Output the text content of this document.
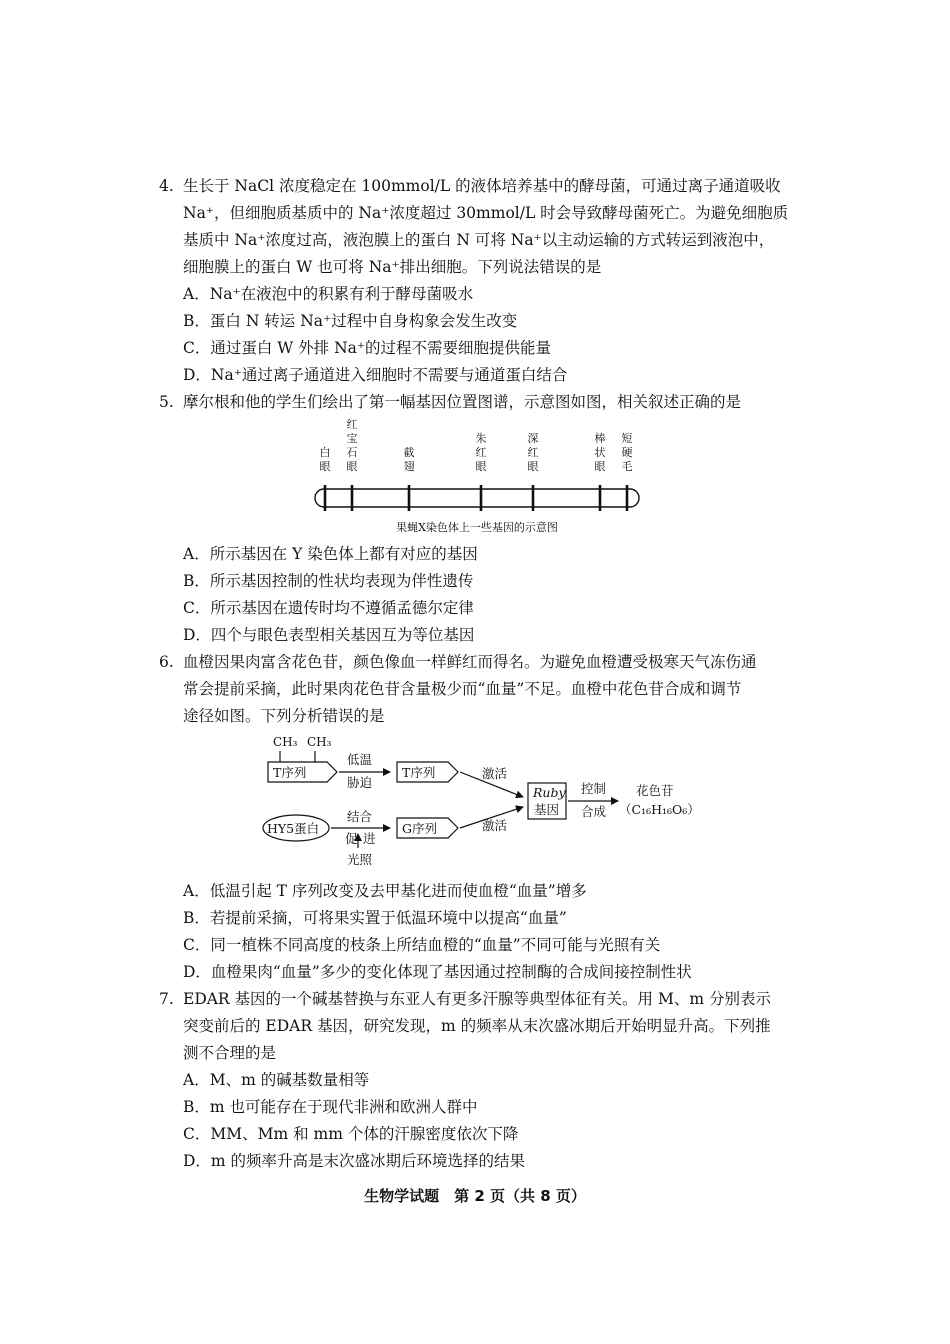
4. 生长于 NaCl 浓度稳定在 100mmol/L 的液体培养基中的酵母菌，可通过离子通道吸收
Na⁺，但细胞质基质中的 Na⁺浓度超过 30mmol/L 时会导致酵母菌死亡。为避免细胞质
基质中 Na⁺浓度过高，液泡膜上的蛋白 N 可将 Na⁺以主动运输的方式转运到液泡中，
细胞膜上的蛋白 W 也可将 Na⁺排出细胞。下列说法错误的是
A．Na⁺在液泡中的积累有利于酵母菌吸水
B．蛋白 N 转运 Na⁺过程中自身构象会发生改变
C．通过蛋白 W 外排 Na⁺的过程不需要细胞提供能量
D．Na⁺通过离子通道进入细胞时不需要与通道蛋白结合
5. 摩尔根和他的学生们绘出了第一幅基因位置图谱，示意图如图，相关叙述正确的是
白
眼
红
宝
石
眼
截
翅
朱
红
眼
深
红
眼
棒
状
眼
短
硬
毛
果蝇X染色体上一些基因的示意图
A．所示基因在 Y 染色体上都有对应的基因
B．所示基因控制的性状均表现为伴性遗传
C．所示基因在遗传时均不遵循孟德尔定律
D．四个与眼色表型相关基因互为等位基因
6. 血橙因果肉富含花色苷，颜色像血一样鲜红而得名。为避免血橙遭受极寒天气冻伤通
常会提前采摘，此时果肉花色苷含量极少而“血量”不足。血橙中花色苷合成和调节
途径如图。下列分析错误的是
CH₃ CH₃
T序列
低温
胁迫
T序列	激活
HY5蛋白
结合
促 进
光照
G序列	激活
Ruby
基因
控制
合成
花色苷
（C₁₆H₁₆O₆）
A．低温引起 T 序列改变及去甲基化进而使血橙“血量”增多
B．若提前采摘，可将果实置于低温环境中以提高“血量”
C．同一植株不同高度的枝条上所结血橙的“血量”不同可能与光照有关
D．血橙果肉“血量”多少的变化体现了基因通过控制酶的合成间接控制性状
7. EDAR 基因的一个碱基替换与东亚人有更多汗腺等典型体征有关。用 M、m 分别表示
突变前后的 EDAR 基因，研究发现，m 的频率从末次盛冰期后开始明显升高。下列推
测不合理的是
A．M、m 的碱基数量相等
B．m 也可能存在于现代非洲和欧洲人群中
C．MM、Mm 和 mm 个体的汗腺密度依次下降
D．m 的频率升高是末次盛冰期后环境选择的结果
生物学试题　第 2 页（共 8 页）
